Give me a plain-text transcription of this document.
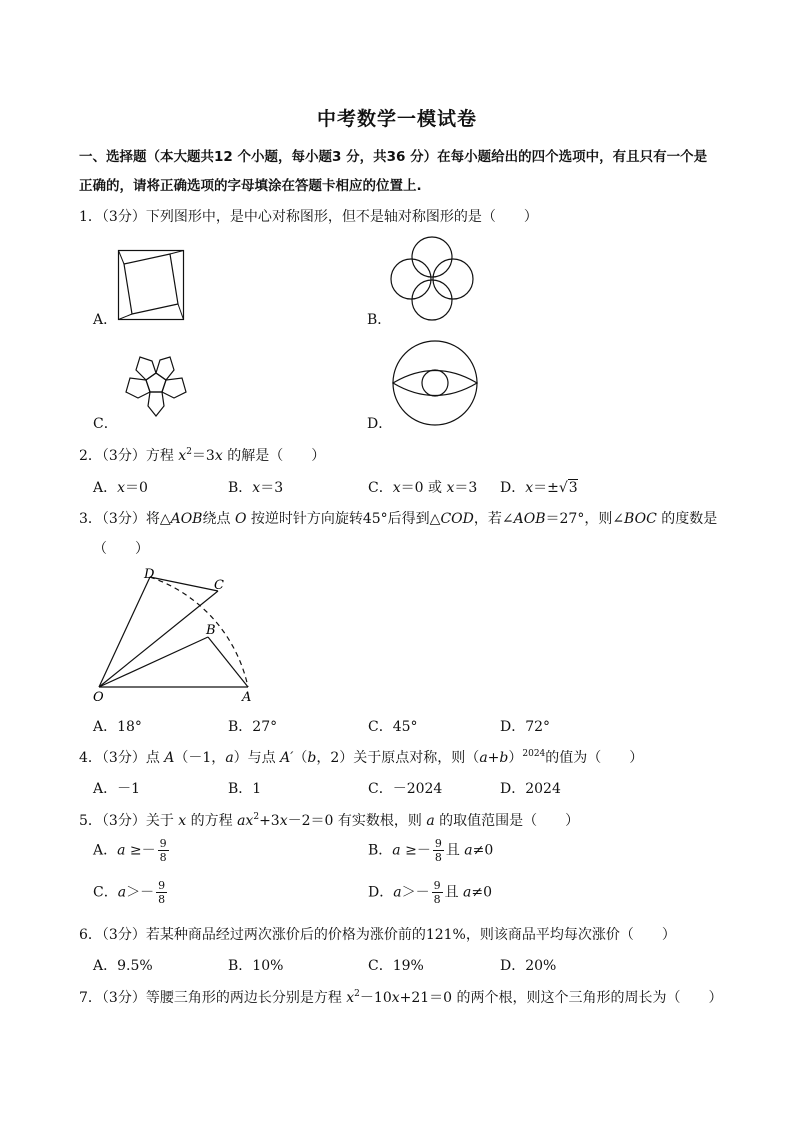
中考数学一模试卷
一、选择题（本大题共12 个小题，每小题3 分，共36 分）在每小题给出的四个选项中，有且只有一个是
正确的，请将正确选项的字母填涂在答题卡相应的位置上.
1．（3分）下列图形中，是中心对称图形，但不是轴对称图形的是（　　）
A．	B．
C．	D．
2．（3分）方程 $x^2=3x$ 的解是（　　）
A．x＝0	B．x＝3	C．x＝0 或 x＝3 D．x＝±√3
3．（3分）将△AOB绕点 O 按逆时针方向旋转45°后得到△COD，若∠AOB＝27°，则∠BOC 的度数是
（　　）
D
C
B
O	A
A．18°	B．27°	C．45°	D．72°
4．（3分）点 A（－1，a）与点 A′（b，2）关于原点对称，则$(a+b)^{2024}$的值为（　　）
A．－1	B．1	C．－2024	D．2024
5．（3分）关于 x 的方程 $ax^2+3x-2=0$ 有实数根，则 a 的取值范围是（　　）
A．$a \ge- \frac{9}{8}$	B．$a \ge- \frac{9}{8}$ 且 a≠0
C．$a>- \frac{9}{8}$	D．$a>- \frac{9}{8}$ 且 a≠0
6．（3分）若某种商品经过两次涨价后的价格为涨价前的121%，则该商品平均每次涨价（　　）
A．9.5%	B．10%	C．19%	D．20%
7．（3分）等腰三角形的两边长分别是方程 $x^2-10x+21=0$ 的两个根，则这个三角形的周长为（　　）
